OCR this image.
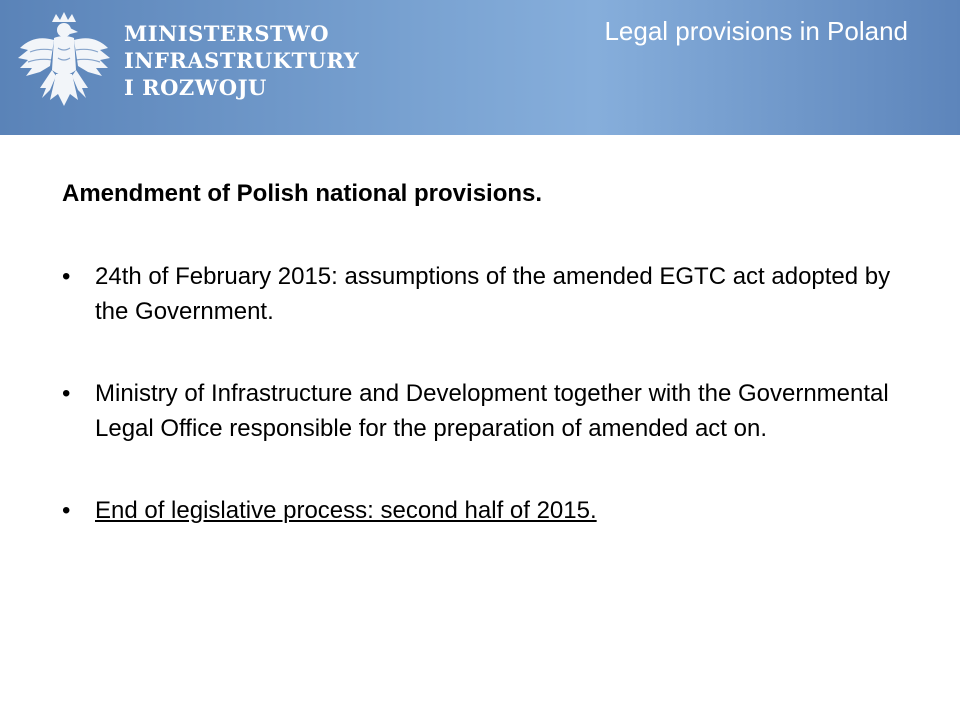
MINISTERSTWO
INFRASTRUKTURY
I ROZWOJU
Legal provisions in Poland
Amendment of Polish national provisions.
• 24th of February 2015: assumptions of the amended EGTC act adopted by the Government.
• Ministry of Infrastructure and Development together with the Governmental Legal Office responsible for the preparation of amended act on.
• End of legislative process: second half of 2015.
